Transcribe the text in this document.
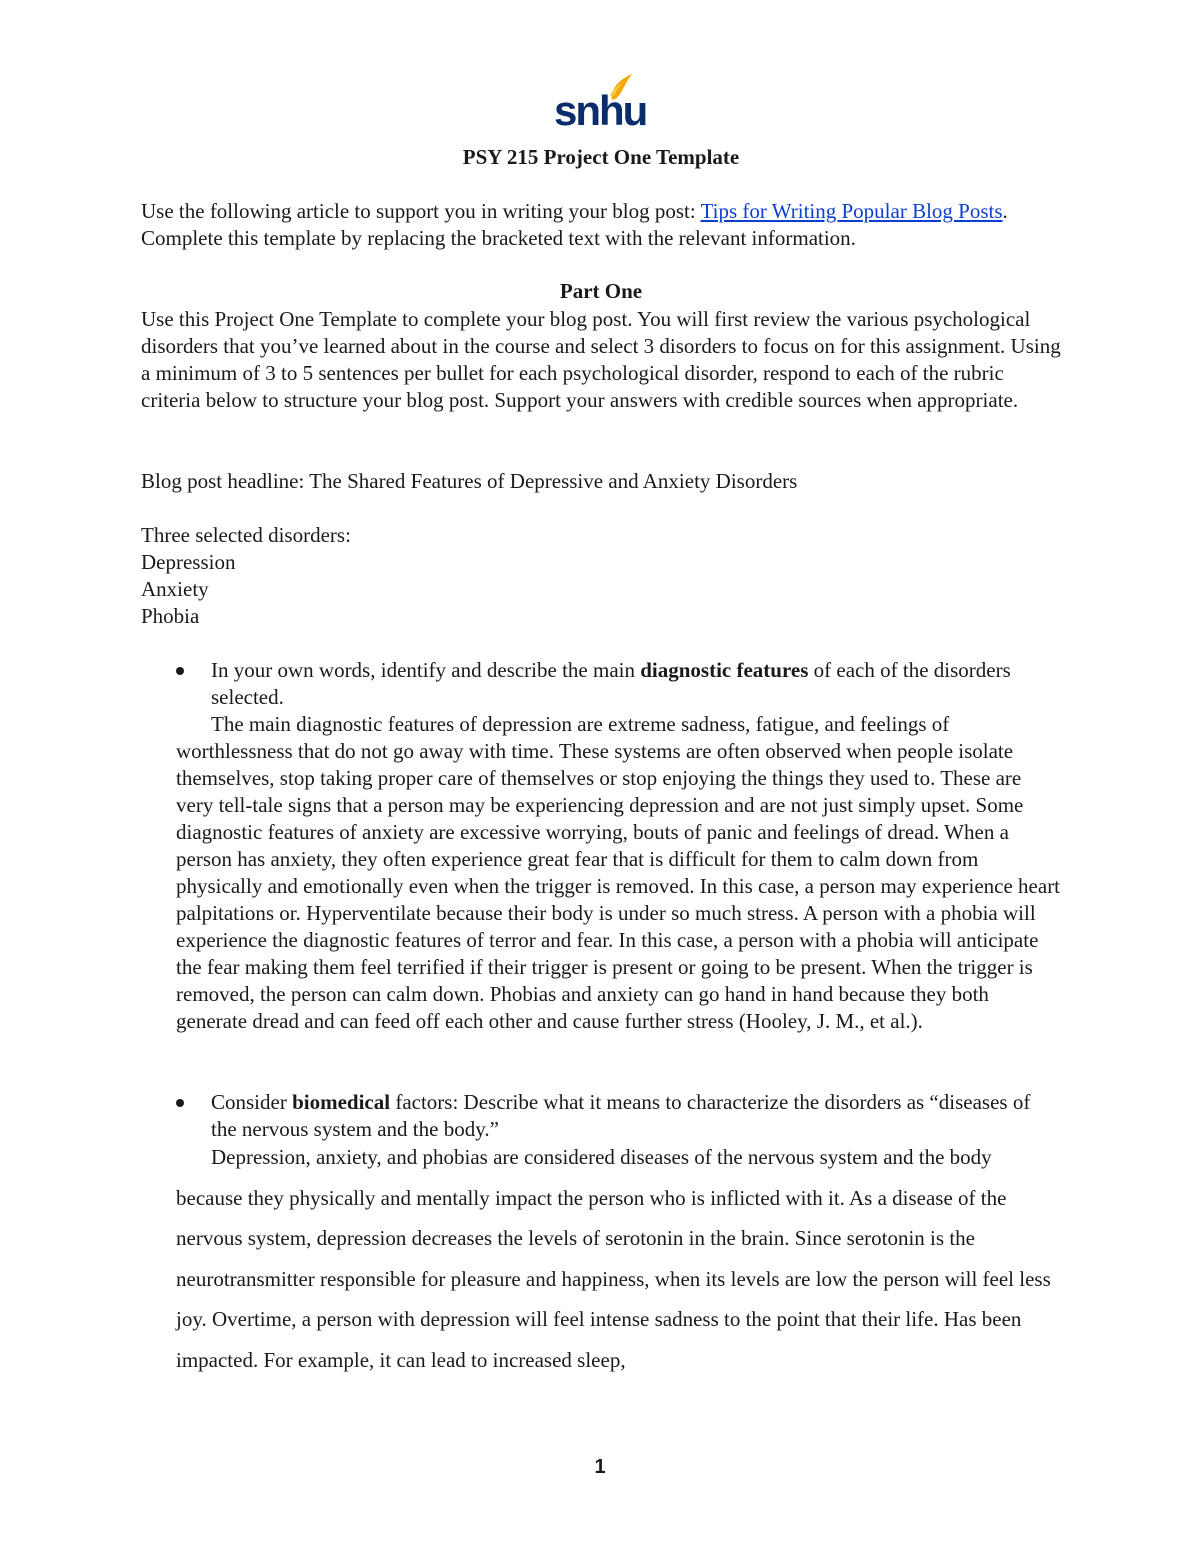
snhu
PSY 215 Project One Template
Use the following article to support you in writing your blog post: Tips for Writing Popular Blog Posts. Complete this template by replacing the bracketed text with the relevant information.
Part One
Use this Project One Template to complete your blog post. You will first review the various psychological disorders that you’ve learned about in the course and select 3 disorders to focus on for this assignment. Using a minimum of 3 to 5 sentences per bullet for each psychological disorder, respond to each of the rubric criteria below to structure your blog post. Support your answers with credible sources when appropriate.
Blog post headline: The Shared Features of Depressive and Anxiety Disorders
Three selected disorders:
Depression
Anxiety
Phobia
In your own words, identify and describe the main diagnostic features of each of the disorders selected.
The main diagnostic features of depression are extreme sadness, fatigue, and feelings of worthlessness that do not go away with time. These systems are often observed when people isolate themselves, stop taking proper care of themselves or stop enjoying the things they used to. These are very tell-tale signs that a person may be experiencing depression and are not just simply upset. Some diagnostic features of anxiety are excessive worrying, bouts of panic and feelings of dread. When a person has anxiety, they often experience great fear that is difficult for them to calm down from physically and emotionally even when the trigger is removed. In this case, a person may experience heart palpitations or. Hyperventilate because their body is under so much stress. A person with a phobia will experience the diagnostic features of terror and fear. In this case, a person with a phobia will anticipate the fear making them feel terrified if their trigger is present or going to be present. When the trigger is removed, the person can calm down. Phobias and anxiety can go hand in hand because they both generate dread and can feed off each other and cause further stress (Hooley, J. M., et al.).
Consider biomedical factors: Describe what it means to characterize the disorders as “diseases of the nervous system and the body.”
Depression, anxiety, and phobias are considered diseases of the nervous system and the body because they physically and mentally impact the person who is inflicted with it. As a disease of the nervous system, depression decreases the levels of serotonin in the brain. Since serotonin is the neurotransmitter responsible for pleasure and happiness, when its levels are low the person will feel less joy. Overtime, a person with depression will feel intense sadness to the point that their life. Has been impacted. For example, it can lead to increased sleep,
1
